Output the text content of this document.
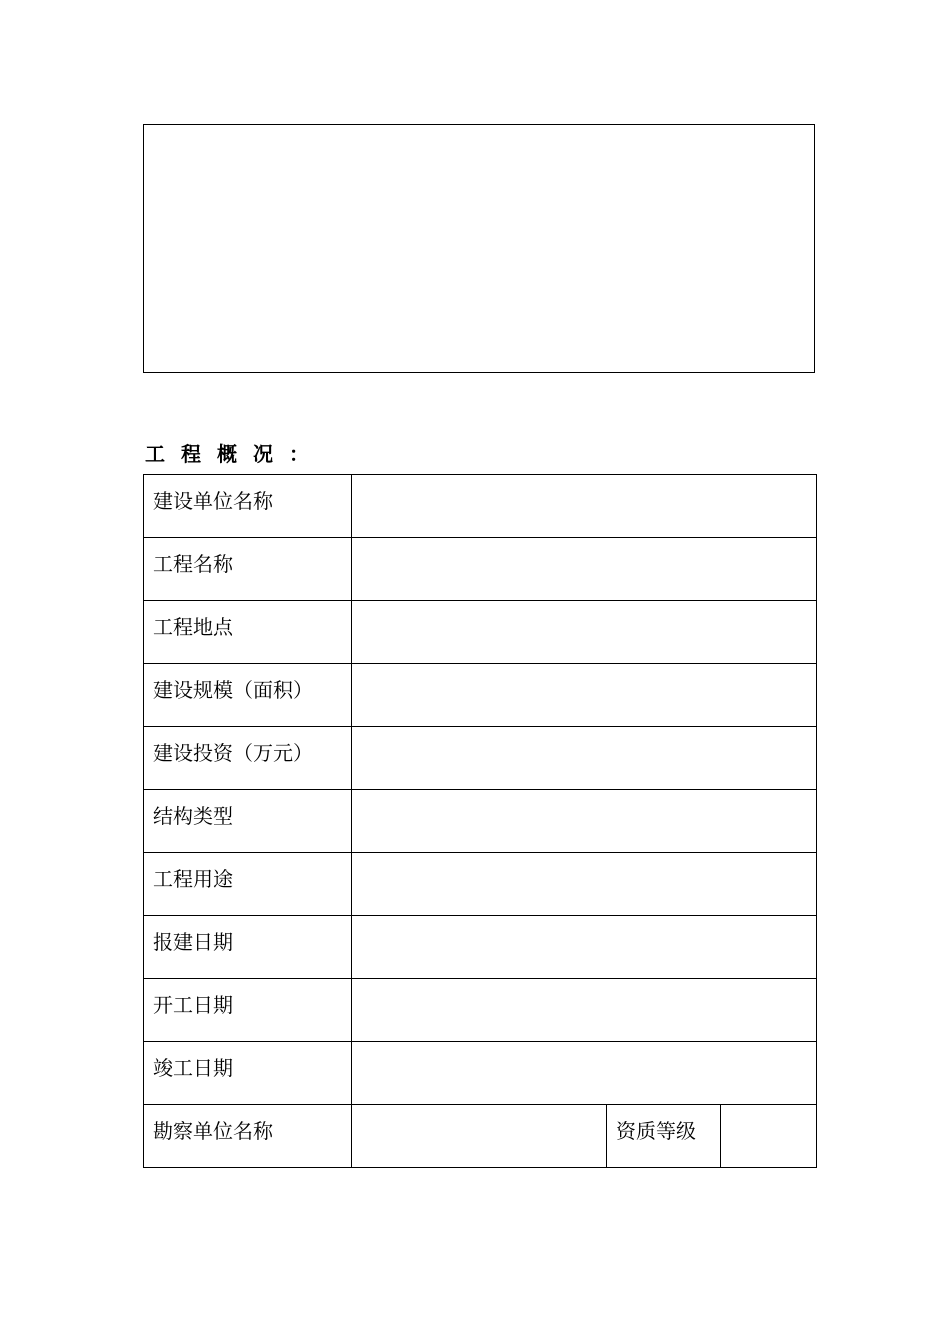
工程概况：
建设单位名称			
工程名称			
工程地点			
建设规模（面积）			
建设投资（万元）			
结构类型			
工程用途			
报建日期			
开工日期			
竣工日期			
勘察单位名称		资质等级	
